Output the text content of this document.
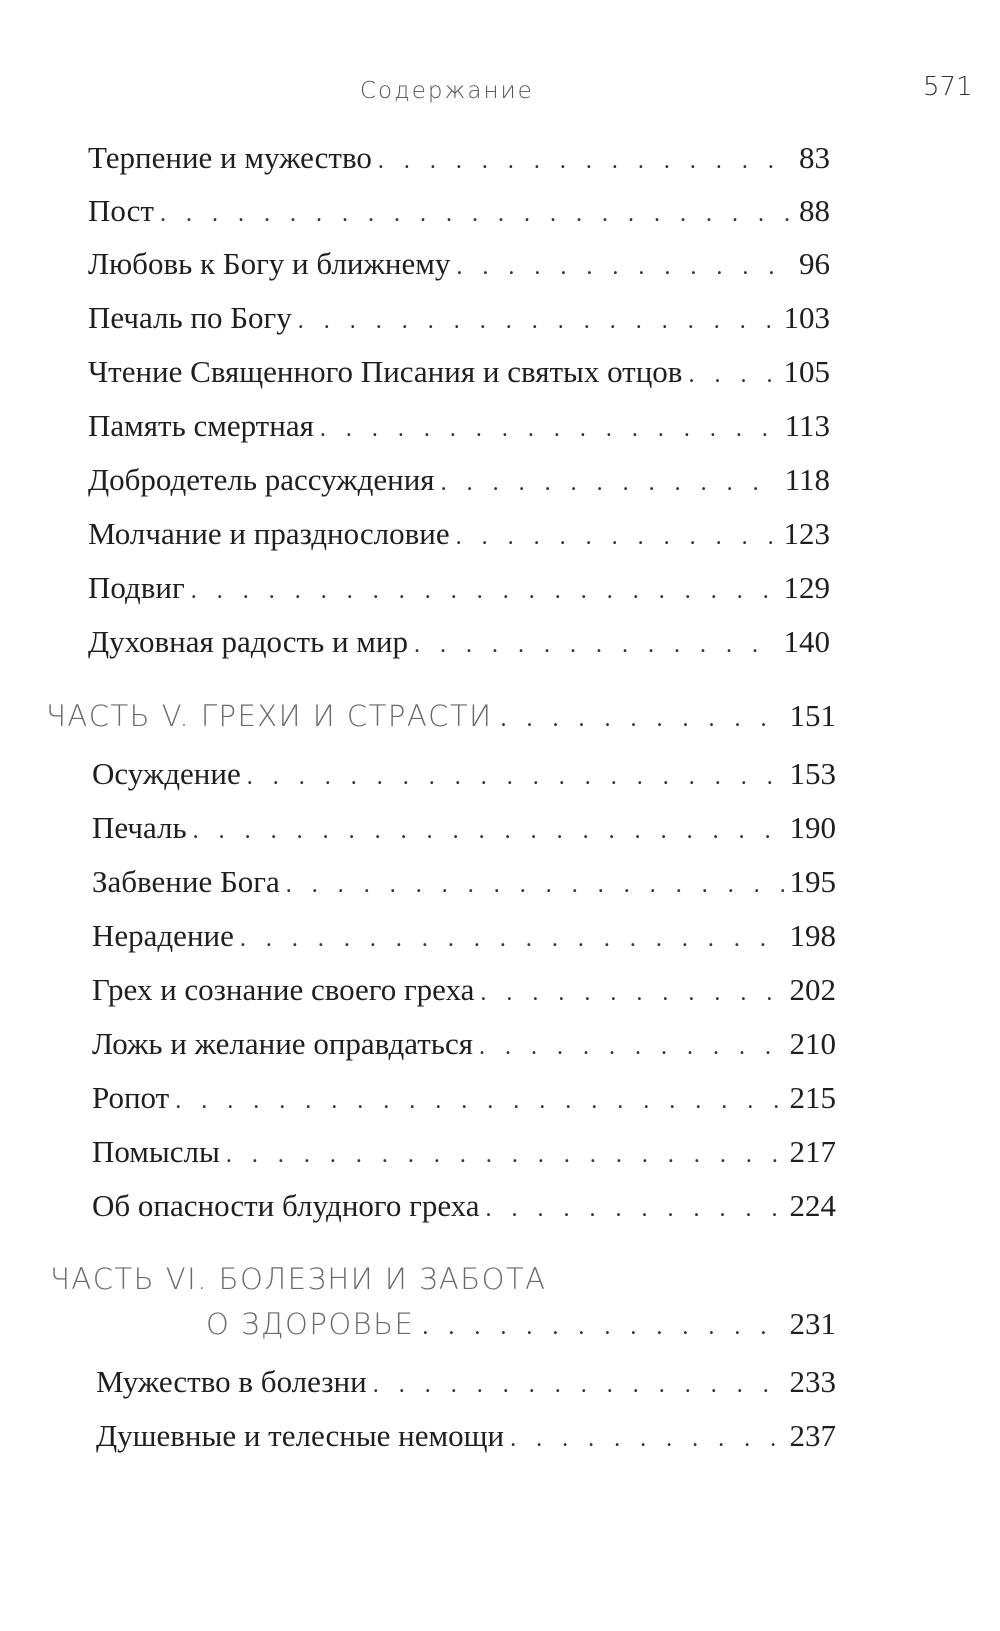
Содержание	571
Терпение и мужество . . .	83
Пост . . .	88
Любовь к Богу и ближнему . . .	96
Печаль по Богу . . .	103
Чтение Священного Писания и святых отцов . . .	105
Память смертная . . .	113
Добродетель рассуждения . . .	118
Молчание и празднословие . . .	123
Подвиг . . .	129
Духовная радость и мир . . .	140
ЧАСТЬ V. ГРЕХИ И СТРАСТИ . . .	151
Осуждение . . .	153
Печаль . . .	190
Забвение Бога . . .	195
Нерадение . . .	198
Грех и сознание своего греха . . .	202
Ложь и желание оправдаться . . .	210
Ропот . . .	215
Помыслы . . .	217
Об опасности блудного греха . . .	224
ЧАСТЬ VI. БОЛЕЗНИ И ЗАБОТА
О ЗДОРОВЬЕ . . .	231
Мужество в болезни . . .	233
Душевные и телесные немощи . . .	237
